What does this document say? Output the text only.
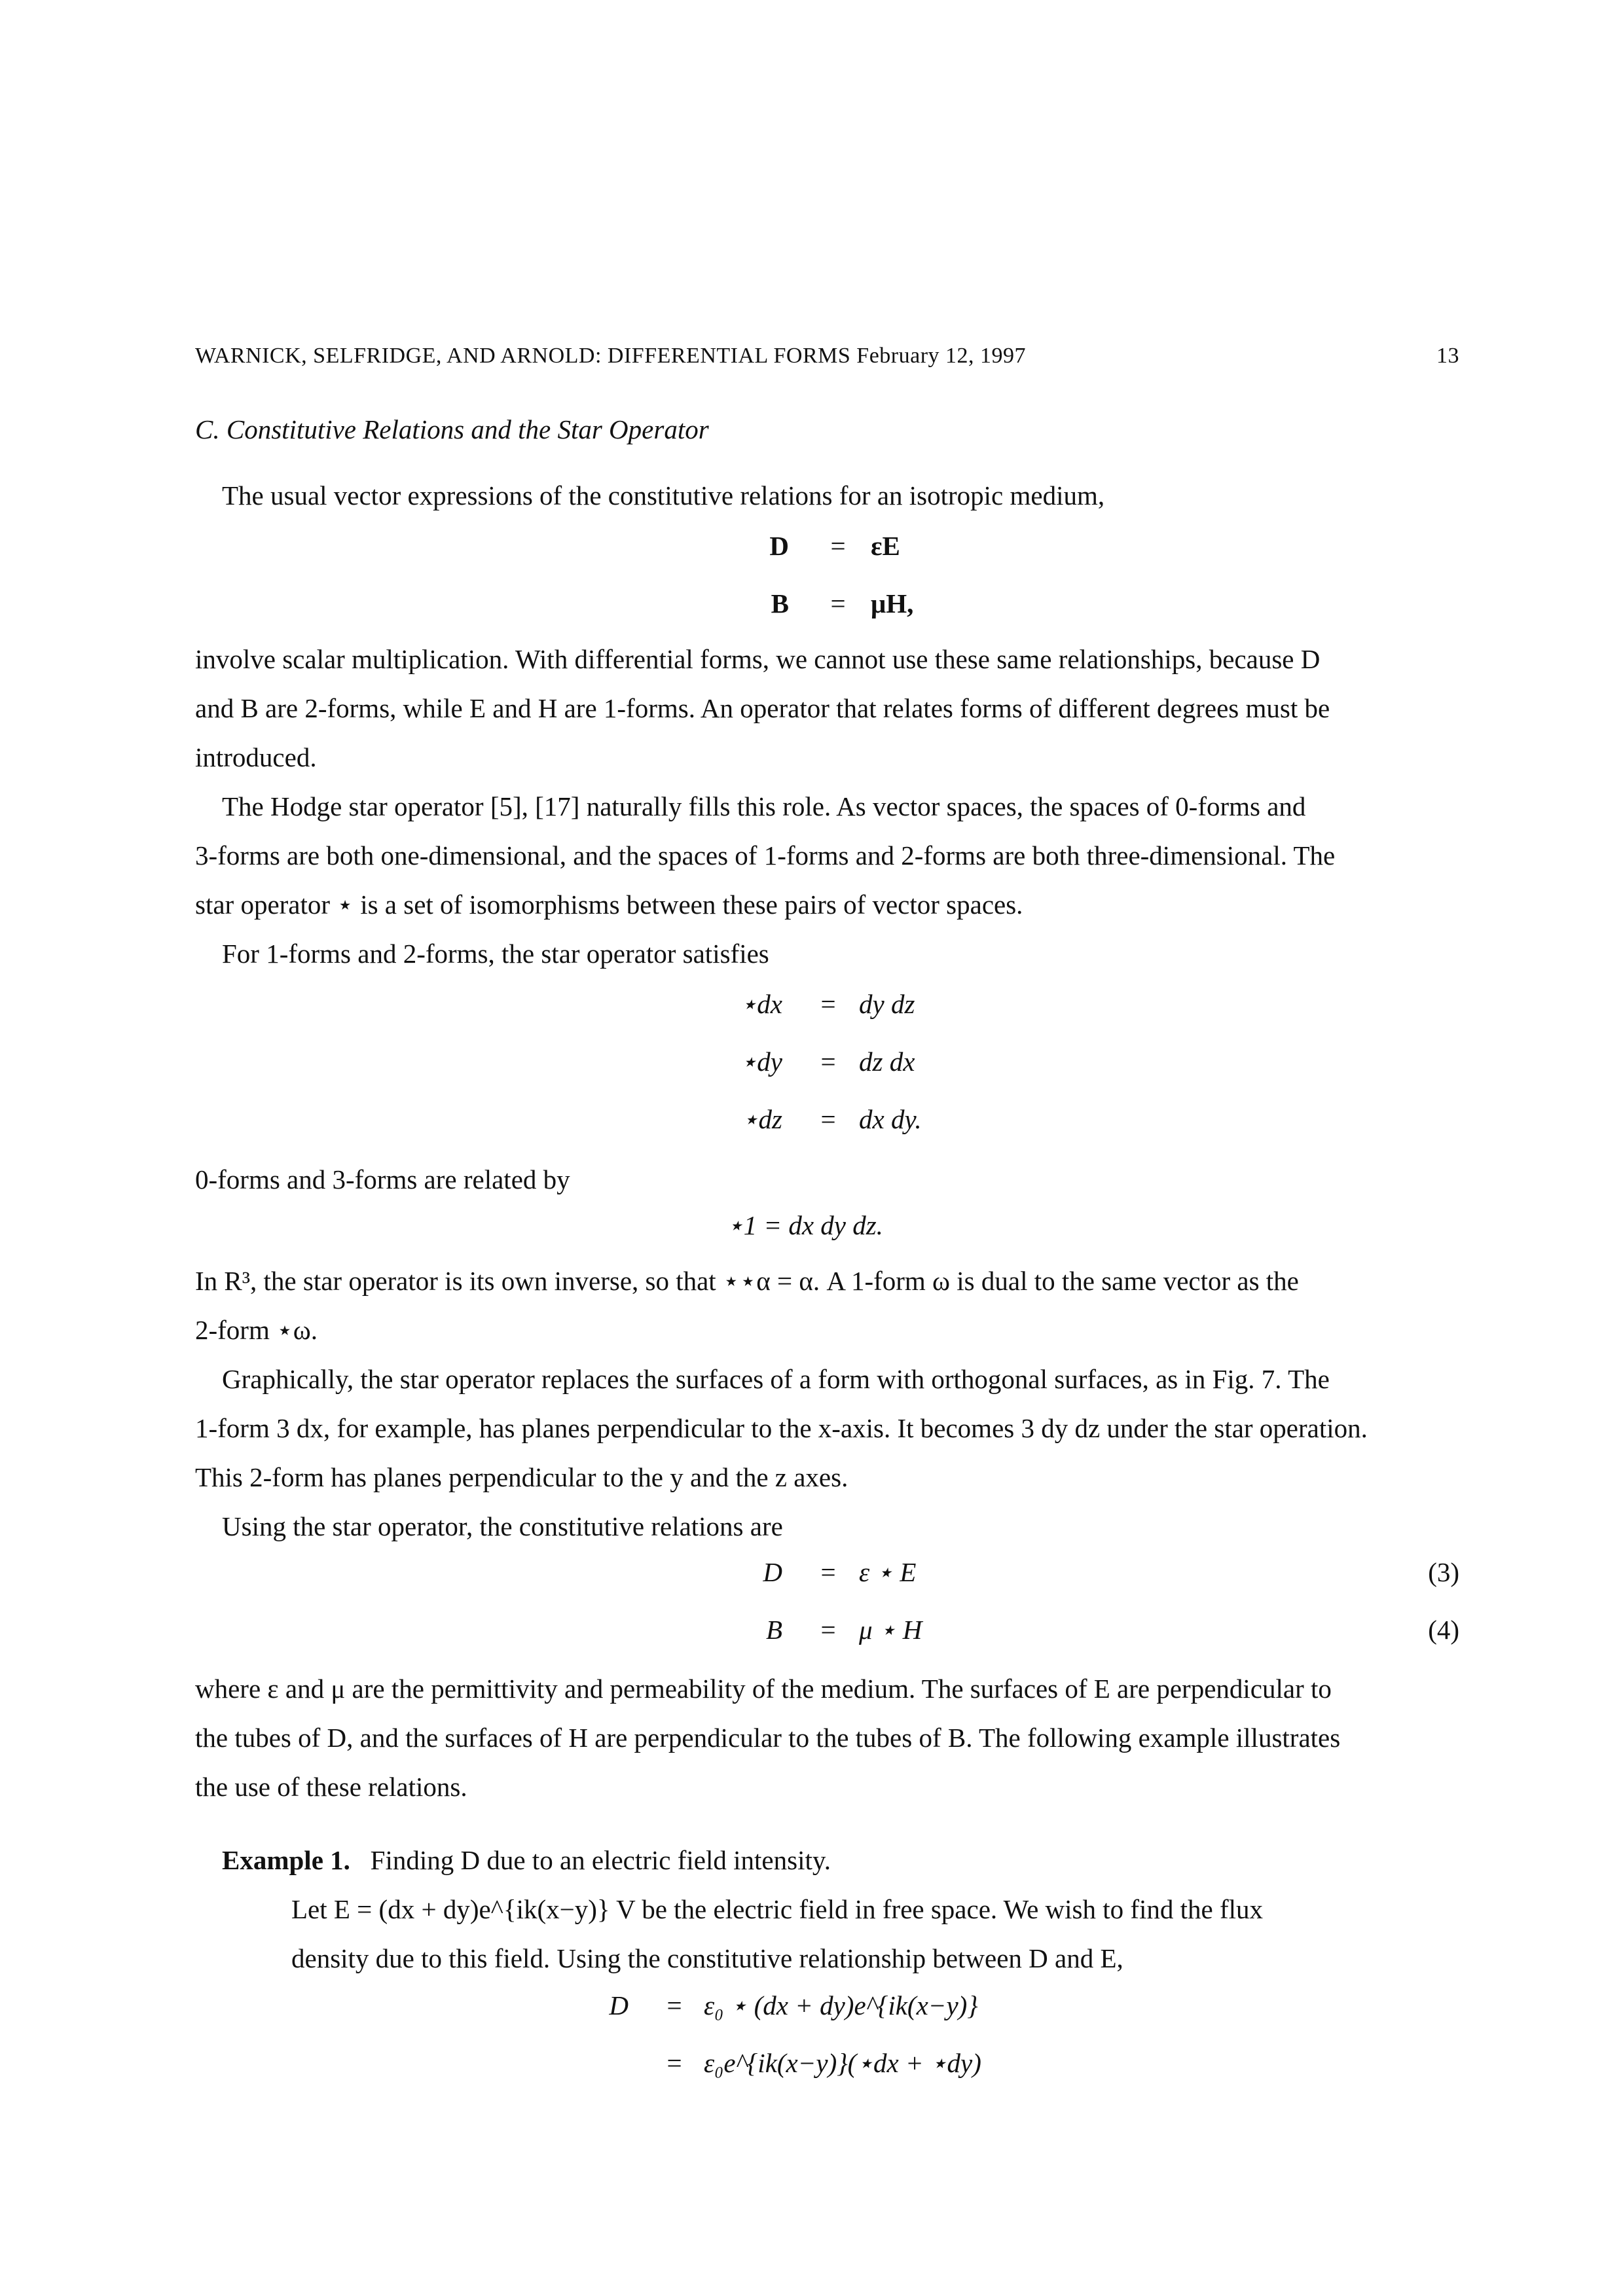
WARNICK, SELFRIDGE, AND ARNOLD: DIFFERENTIAL FORMS February 12, 1997	13
C. Constitutive Relations and the Star Operator

The usual vector expressions of the constitutive relations for an isotropic medium,

D	= εE
B	= μH,

involve scalar multiplication. With differential forms, we cannot use these same relationships, because D

and B are 2-forms, while E and H are 1-forms. An operator that relates forms of different degrees must be

introduced.

The Hodge star operator [5], [17] naturally fills this role. As vector spaces, the spaces of 0-forms and

3-forms are both one-dimensional, and the spaces of 1-forms and 2-forms are both three-dimensional. The

star operator ⋆ is a set of isomorphisms between these pairs of vector spaces.

For 1-forms and 2-forms, the star operator satisfies

⋆dx	= dy dz
⋆dy	= dz dx
⋆dz	= dx dy.

0-forms and 3-forms are related by

⋆1 = dx dy dz.

In R³, the star operator is its own inverse, so that ⋆⋆α = α. A 1-form ω is dual to the same vector as the

2-form ⋆ω.

Graphically, the star operator replaces the surfaces of a form with orthogonal surfaces, as in Fig. 7. The

1-form 3 dx, for example, has planes perpendicular to the x-axis. It becomes 3 dy dz under the star operation.

This 2-form has planes perpendicular to the y and the z axes.

Using the star operator, the constitutive relations are

D	= ε ⋆ E
B	= μ ⋆ H
(3)
(4)

where ε and μ are the permittivity and permeability of the medium. The surfaces of E are perpendicular to

the tubes of D, and the surfaces of H are perpendicular to the tubes of B. The following example illustrates

the use of these relations.

Example 1. Finding D due to an electric field intensity.

Let E = (dx + dy)e^{ik(x−y)} V be the electric field in free space. We wish to find the flux

density due to this field. Using the constitutive relationship between D and E,

D	= ε₀ ⋆ (dx + dy)e^{ik(x−y)}
= ε₀e^{ik(x−y)}(⋆dx + ⋆dy)
